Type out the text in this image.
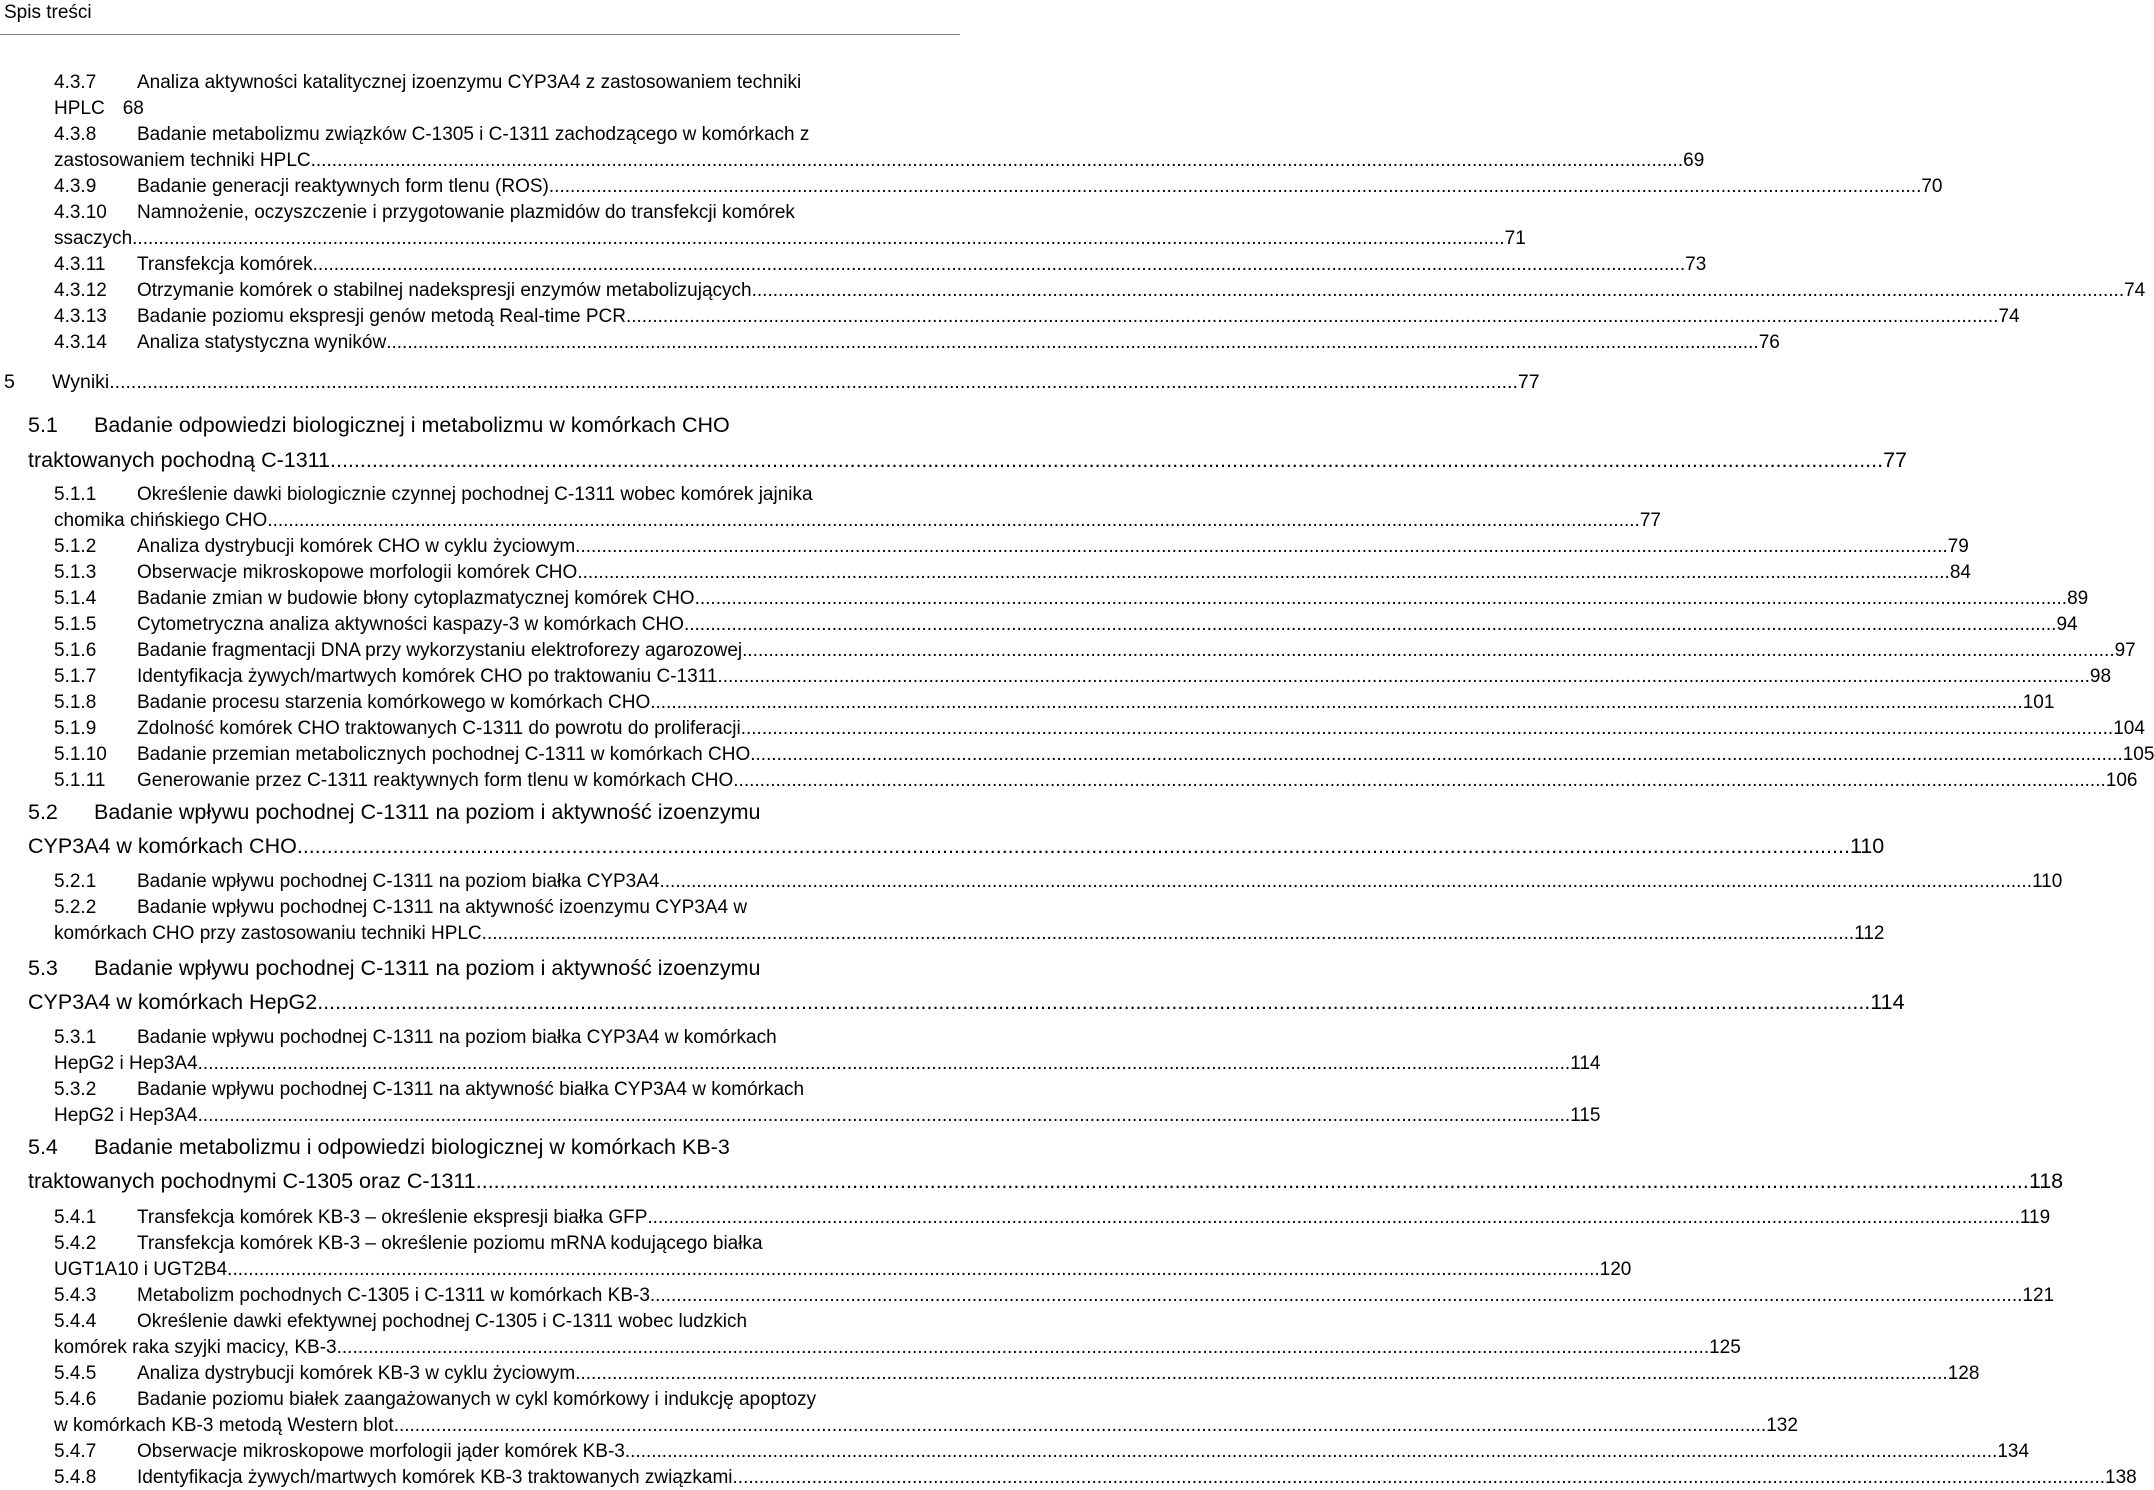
Spis treści
4.3.7 Analiza aktywności katalitycznej izoenzymu CYP3A4 z zastosowaniem techniki
HPLC 68
4.3.8 Badanie metabolizmu związków C-1305 i C-1311 zachodzącego w komórkach z
zastosowaniem techniki HPLC .................................................................................................................................................................................................................................................................... 69
4.3.9 Badanie generacji reaktywnych form tlenu (ROS) .................................................................................................................................................................................................................................................................... 70
4.3.10 Namnożenie, oczyszczenie i przygotowanie plazmidów do transfekcji komórek
ssaczych .................................................................................................................................................................................................................................................................... 71
4.3.11 Transfekcja komórek .................................................................................................................................................................................................................................................................... 73
4.3.12 Otrzymanie komórek o stabilnej nadekspresji enzymów metabolizujących .................................................................................................................................................................................................................................................................... 74
4.3.13 Badanie poziomu ekspresji genów metodą Real-time PCR .................................................................................................................................................................................................................................................................... 74
4.3.14 Analiza statystyczna wyników .................................................................................................................................................................................................................................................................... 76
5 Wyniki .................................................................................................................................................................................................................................................................... 77
5.1 Badanie odpowiedzi biologicznej i metabolizmu w komórkach CHO
traktowanych pochodną C-1311 .................................................................................................................................................................................................................................................................... 77
5.1.1 Określenie dawki biologicznie czynnej pochodnej C-1311 wobec komórek jajnika
chomika chińskiego CHO .................................................................................................................................................................................................................................................................... 77
5.1.2 Analiza dystrybucji komórek CHO w cyklu życiowym .................................................................................................................................................................................................................................................................... 79
5.1.3 Obserwacje mikroskopowe morfologii komórek CHO .................................................................................................................................................................................................................................................................... 84
5.1.4 Badanie zmian w budowie błony cytoplazmatycznej komórek CHO .................................................................................................................................................................................................................................................................... 89
5.1.5 Cytometryczna analiza aktywności kaspazy-3 w komórkach CHO .................................................................................................................................................................................................................................................................... 94
5.1.6 Badanie fragmentacji DNA przy wykorzystaniu elektroforezy agarozowej .................................................................................................................................................................................................................................................................... 97
5.1.7 Identyfikacja żywych/martwych komórek CHO po traktowaniu C-1311 .................................................................................................................................................................................................................................................................... 98
5.1.8 Badanie procesu starzenia komórkowego w komórkach CHO .................................................................................................................................................................................................................................................................... 101
5.1.9 Zdolność komórek CHO traktowanych C-1311 do powrotu do proliferacji .................................................................................................................................................................................................................................................................... 104
5.1.10 Badanie przemian metabolicznych pochodnej C-1311 w komórkach CHO .................................................................................................................................................................................................................................................................... 105
5.1.11 Generowanie przez C-1311 reaktywnych form tlenu w komórkach CHO .................................................................................................................................................................................................................................................................... 106
5.2 Badanie wpływu pochodnej C-1311 na poziom i aktywność izoenzymu
CYP3A4 w komórkach CHO .................................................................................................................................................................................................................................................................... 110
5.2.1 Badanie wpływu pochodnej C-1311 na poziom białka CYP3A4 .................................................................................................................................................................................................................................................................... 110
5.2.2 Badanie wpływu pochodnej C-1311 na aktywność izoenzymu CYP3A4 w
komórkach CHO przy zastosowaniu techniki HPLC .................................................................................................................................................................................................................................................................... 112
5.3 Badanie wpływu pochodnej C-1311 na poziom i aktywność izoenzymu
CYP3A4 w komórkach HepG2 .................................................................................................................................................................................................................................................................... 114
5.3.1 Badanie wpływu pochodnej C-1311 na poziom białka CYP3A4 w komórkach
HepG2 i Hep3A4 .................................................................................................................................................................................................................................................................... 114
5.3.2 Badanie wpływu pochodnej C-1311 na aktywność białka CYP3A4 w komórkach
HepG2 i Hep3A4 .................................................................................................................................................................................................................................................................... 115
5.4 Badanie metabolizmu i odpowiedzi biologicznej w komórkach KB-3
traktowanych pochodnymi C-1305 oraz C-1311 .................................................................................................................................................................................................................................................................... 118
5.4.1 Transfekcja komórek KB-3 – określenie ekspresji białka GFP .................................................................................................................................................................................................................................................................... 119
5.4.2 Transfekcja komórek KB-3 – określenie poziomu mRNA kodującego białka
UGT1A10 i UGT2B4 .................................................................................................................................................................................................................................................................... 120
5.4.3 Metabolizm pochodnych C-1305 i C-1311 w komórkach KB-3 .................................................................................................................................................................................................................................................................... 121
5.4.4 Określenie dawki efektywnej pochodnej C-1305 i C-1311 wobec ludzkich
komórek raka szyjki macicy, KB-3 .................................................................................................................................................................................................................................................................... 125
5.4.5 Analiza dystrybucji komórek KB-3 w cyklu życiowym .................................................................................................................................................................................................................................................................... 128
5.4.6 Badanie poziomu białek zaangażowanych w cykl komórkowy i indukcję apoptozy
w komórkach KB-3 metodą Western blot .................................................................................................................................................................................................................................................................... 132
5.4.7 Obserwacje mikroskopowe morfologii jąder komórek KB-3 .................................................................................................................................................................................................................................................................... 134
5.4.8 Identyfikacja żywych/martwych komórek KB-3 traktowanych związkami .................................................................................................................................................................................................................................................................... 138
